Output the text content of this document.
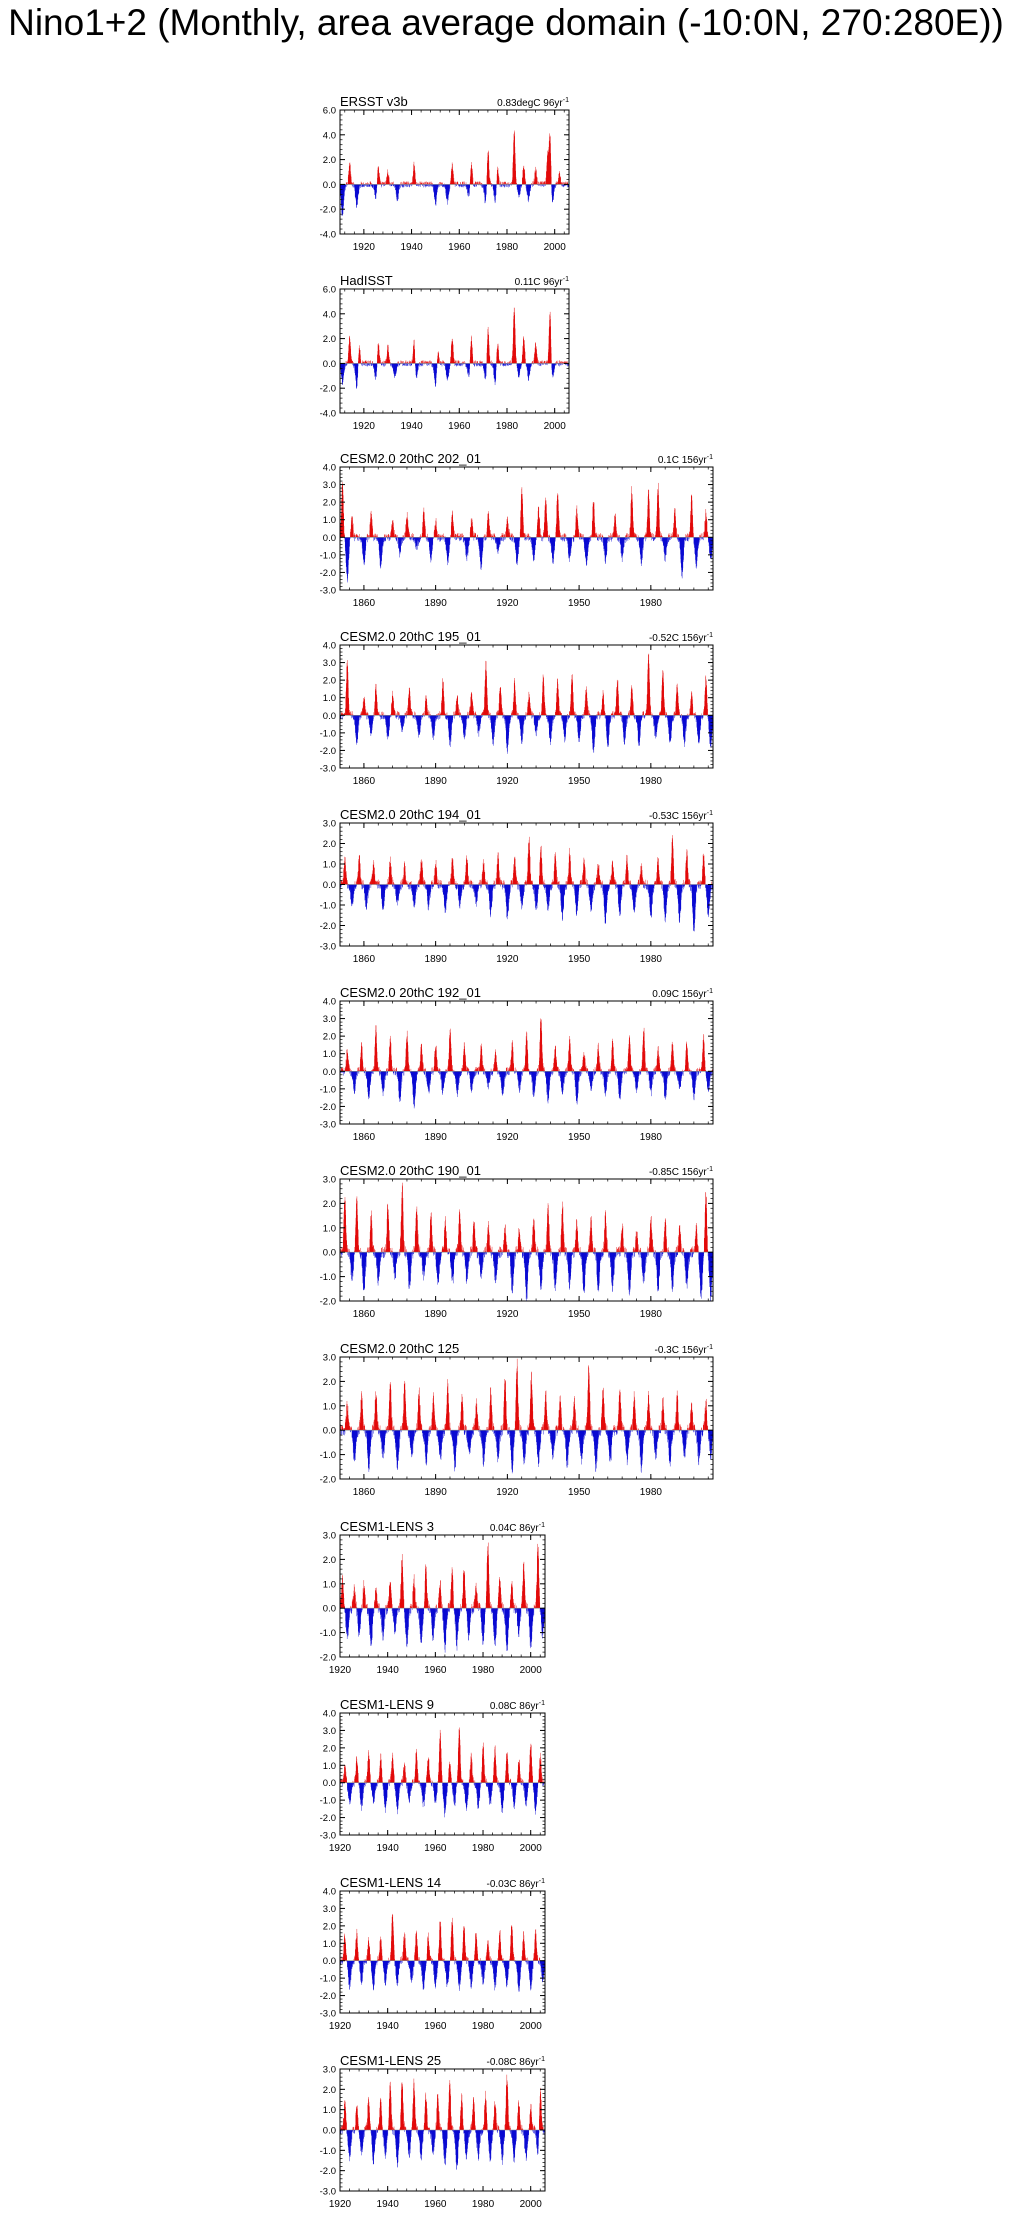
Nino1+2 (Monthly, area average domain (-10:0N, 270:280E))
ERSST v3b	0.83degC $96yr^{-1}$
-4.0
-2.0
0.0
2.0
4.0
6.0
1920	1940	1960	1980	2000
HadISST	0.11C $96yr^{-1}$
-4.0
-2.0
0.0
2.0
4.0
6.0
1920	1940	1960	1980	2000
CESM2.0 20thC 202_01	0.1C $156yr^{-1}$
-3.0
-2.0
-1.0
0.0
1.0
2.0
3.0
4.0
1860	1890	1920	1950	1980
CESM2.0 20thC 195_01	-0.52C $156yr^{-1}$
-3.0
-2.0
-1.0
0.0
1.0
2.0
3.0
4.0
1860	1890	1920	1950	1980
CESM2.0 20thC 194_01	-0.53C $156yr^{-1}$
-3.0
-2.0
-1.0
0.0
1.0
2.0
3.0
1860	1890	1920	1950	1980
CESM2.0 20thC 192_01	0.09C $156yr^{-1}$
-3.0
-2.0
-1.0
0.0
1.0
2.0
3.0
4.0
1860	1890	1920	1950	1980
CESM2.0 20thC 190_01	-0.85C $156yr^{-1}$
-2.0
-1.0
0.0
1.0
2.0
3.0
1860	1890	1920	1950	1980
CESM2.0 20thC 125	-0.3C $156yr^{-1}$
-2.0
-1.0
0.0
1.0
2.0
3.0
1860	1890	1920	1950	1980
CESM1-LENS 3	0.04C $86yr^{-1}$
-2.0
-1.0
0.0
1.0
2.0
3.0
1920	1940	1960	1980	2000
CESM1-LENS 9	0.08C $86yr^{-1}$
-3.0
-2.0
-1.0
0.0
1.0
2.0
3.0
4.0
1920	1940	1960	1980	2000
CESM1-LENS 14	-0.03C $86yr^{-1}$
-3.0
-2.0
-1.0
0.0
1.0
2.0
3.0
4.0
1920	1940	1960	1980	2000
CESM1-LENS 25	-0.08C $86yr^{-1}$
-3.0
-2.0
-1.0
0.0
1.0
2.0
3.0
1920	1940	1960	1980	2000
